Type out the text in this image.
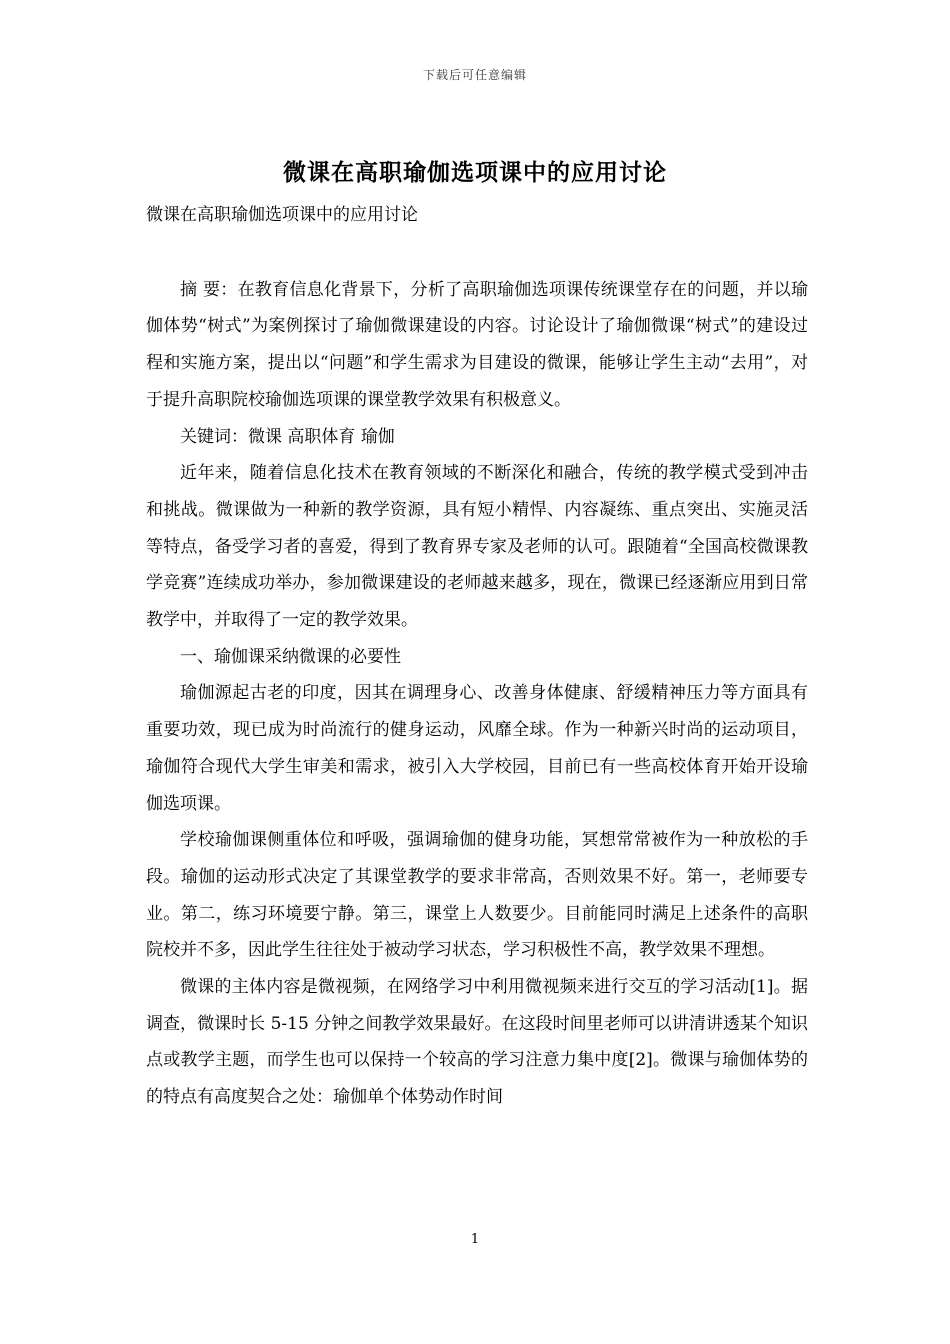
下载后可任意编辑
微课在高职瑜伽选项课中的应用讨论

微课在高职瑜伽选项课中的应用讨论

摘 要：在教育信息化背景下，分析了高职瑜伽选项课传统课堂存在的问题，并以瑜伽体势“树式”为案例探讨了瑜伽微课建设的内容。讨论设计了瑜伽微课“树式”的建设过程和实施方案，提出以“问题”和学生需求为目建设的微课，能够让学生主动“去用”，对于提升高职院校瑜伽选项课的课堂教学效果有积极意义。

关键词：微课 高职体育 瑜伽

近年来，随着信息化技术在教育领域的不断深化和融合，传统的教学模式受到冲击和挑战。微课做为一种新的教学资源，具有短小精悍、内容凝练、重点突出、实施灵活等特点，备受学习者的喜爱，得到了教育界专家及老师的认可。跟随着“全国高校微课教学竞赛”连续成功举办，参加微课建设的老师越来越多，现在，微课已经逐渐应用到日常教学中，并取得了一定的教学效果。

一、瑜伽课采纳微课的必要性

瑜伽源起古老的印度，因其在调理身心、改善身体健康、舒缓精神压力等方面具有重要功效，现已成为时尚流行的健身运动，风靡全球。作为一种新兴时尚的运动项目，瑜伽符合现代大学生审美和需求，被引入大学校园，目前已有一些高校体育开始开设瑜伽选项课。

学校瑜伽课侧重体位和呼吸，强调瑜伽的健身功能，冥想常常被作为一种放松的手段。瑜伽的运动形式决定了其课堂教学的要求非常高，否则效果不好。第一，老师要专业。第二，练习环境要宁静。第三，课堂上人数要少。目前能同时满足上述条件的高职院校并不多，因此学生往往处于被动学习状态，学习积极性不高，教学效果不理想。

微课的主体内容是微视频，在网络学习中利用微视频来进行交互的学习活动[1]。据调查，微课时长 5-15 分钟之间教学效果最好。在这段时间里老师可以讲清讲透某个知识点或教学主题，而学生也可以保持一个较高的学习注意力集中度[2]。微课与瑜伽体势的的特点有高度契合之处：瑜伽单个体势动作时间

1
